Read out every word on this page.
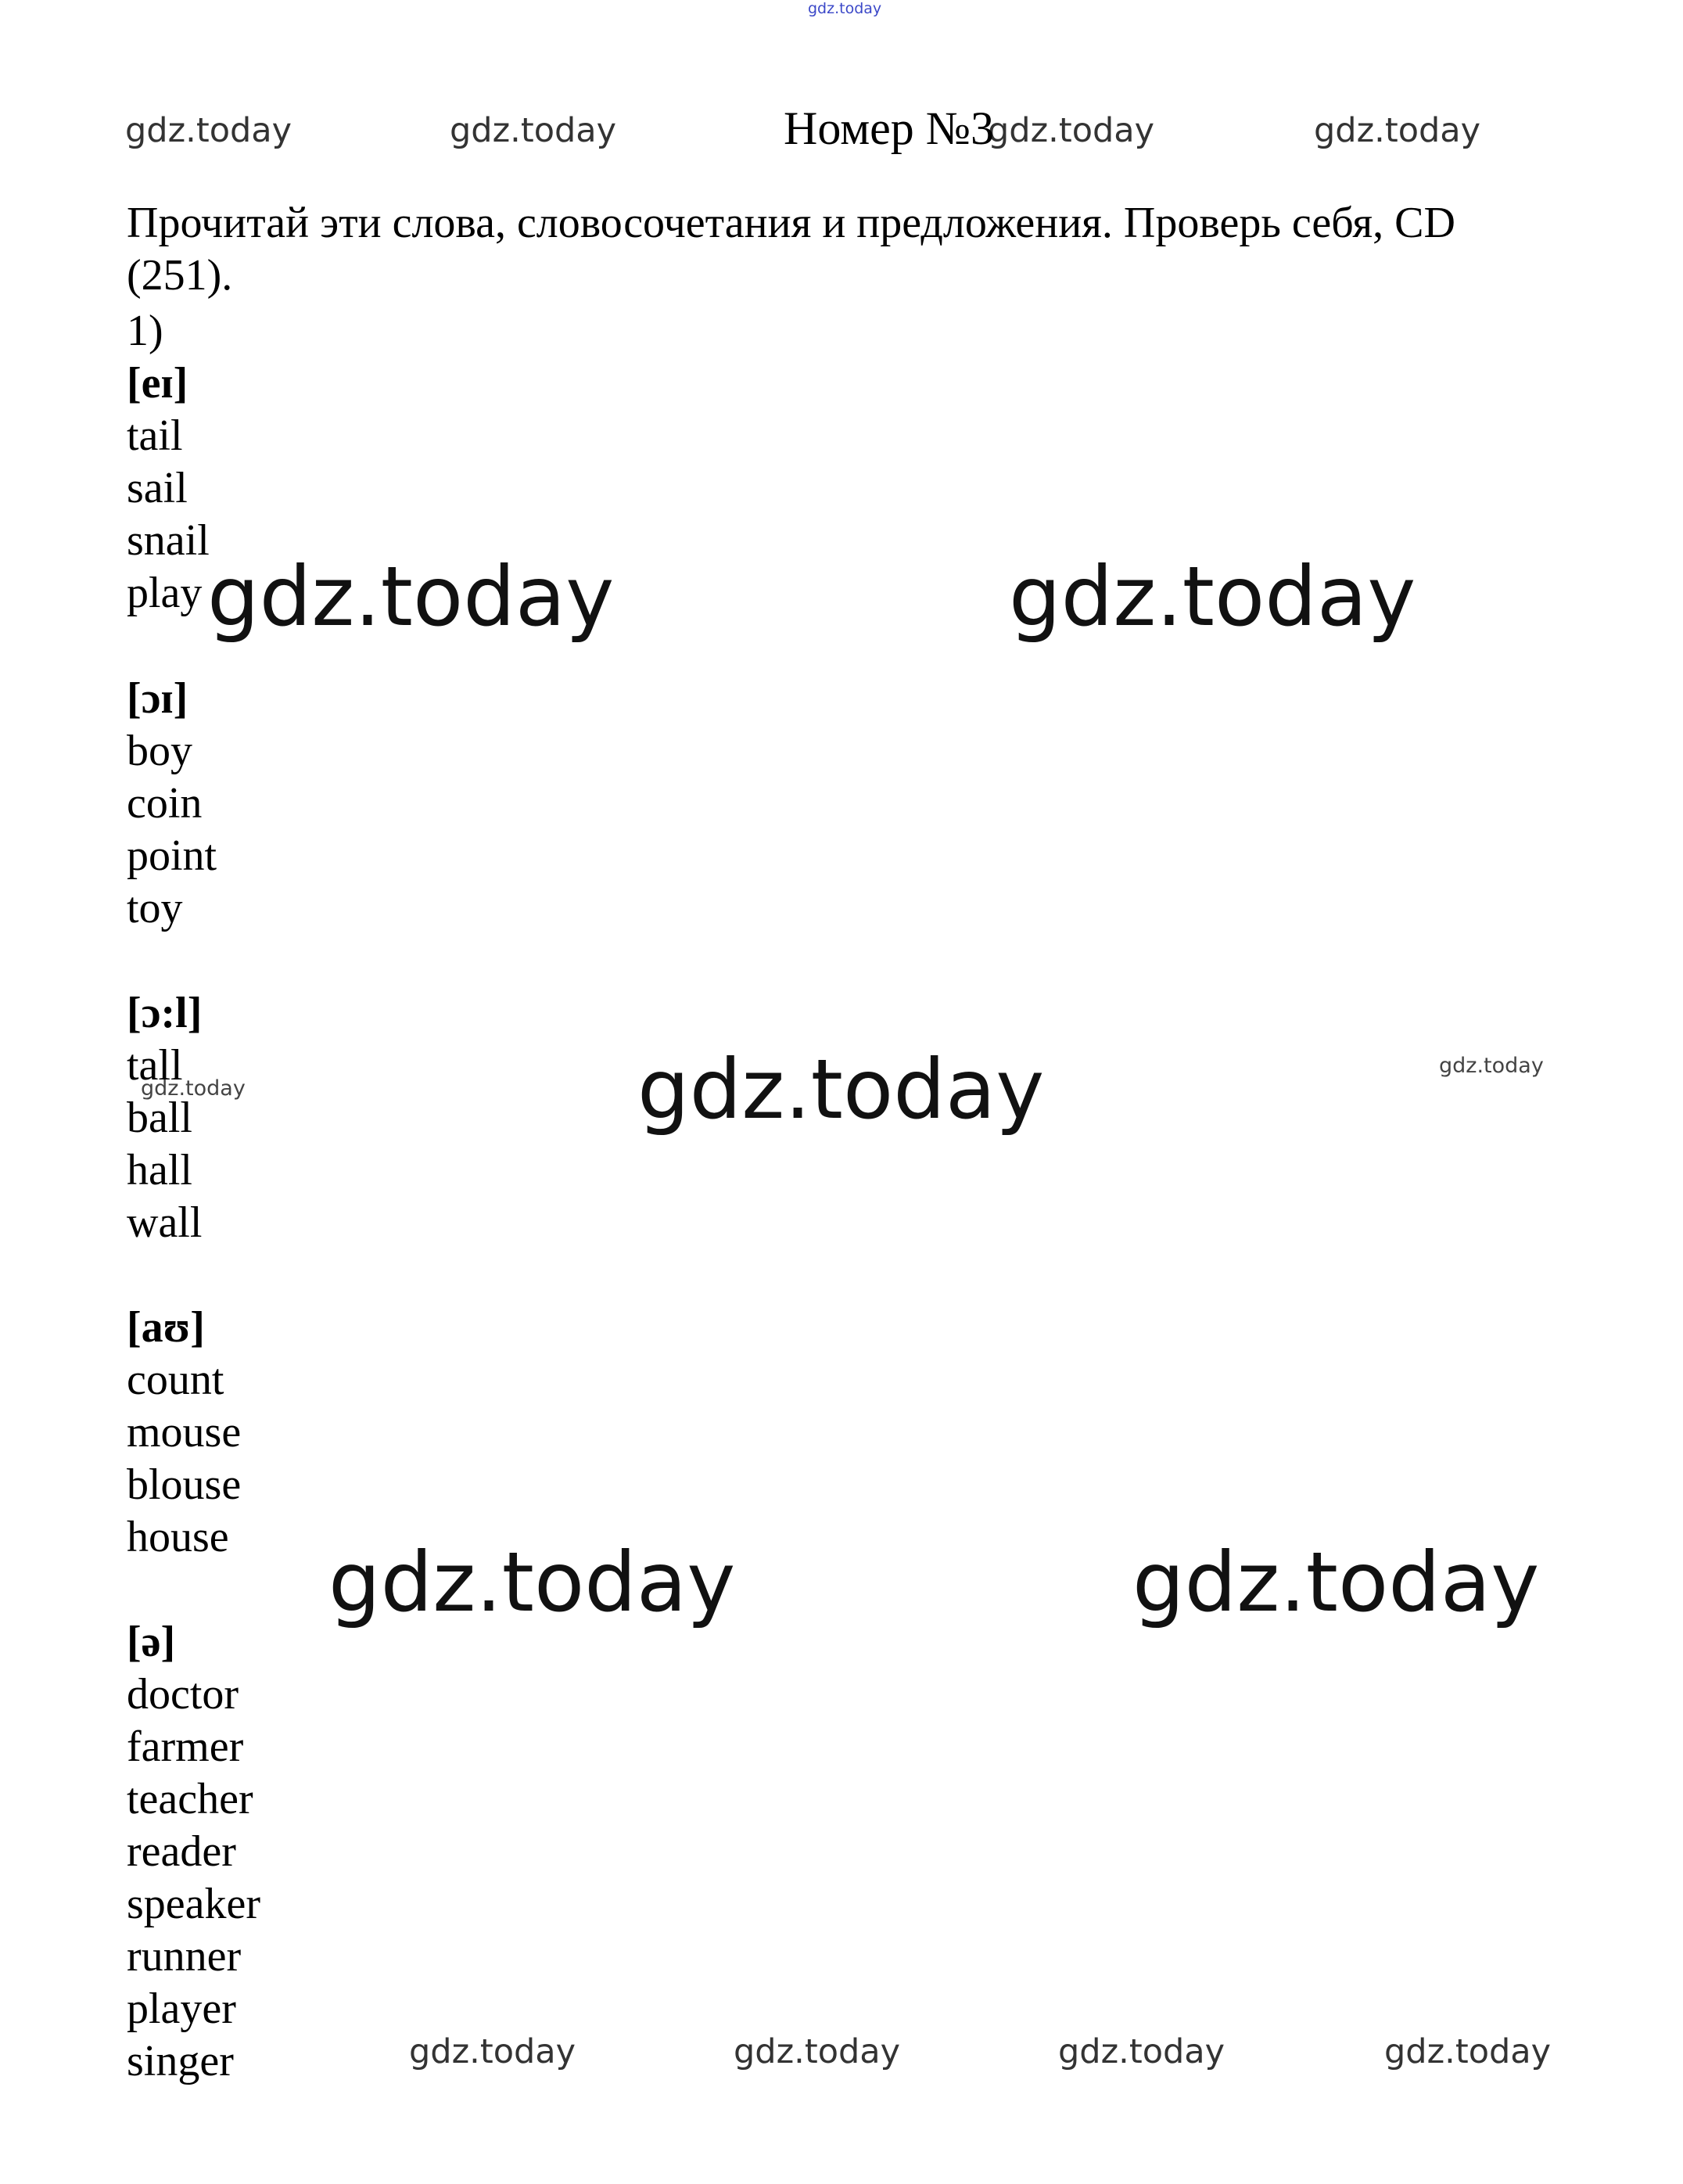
gdz.today
gdz.today	gdz.today	gdz.today	gdz.today
gdz.today	gdz.today
gdz.today
gdz.today	gdz.today
gdz.today
gdz.today
gdz.today	gdz.today	gdz.today	gdz.today
Номер №3
Прочитай эти слова, словосочетания и предложения. Проверь себя, CD (251).
1)
[eɪ]
tail
sail
snail
play
[ɔɪ]
boy
coin
point
toy
[ɔ:l]
tall
ball
hall
wall
[aʊ]
count
mouse
blouse
house
[ə]
doctor
farmer
teacher
reader
speaker
runner
player
singer
